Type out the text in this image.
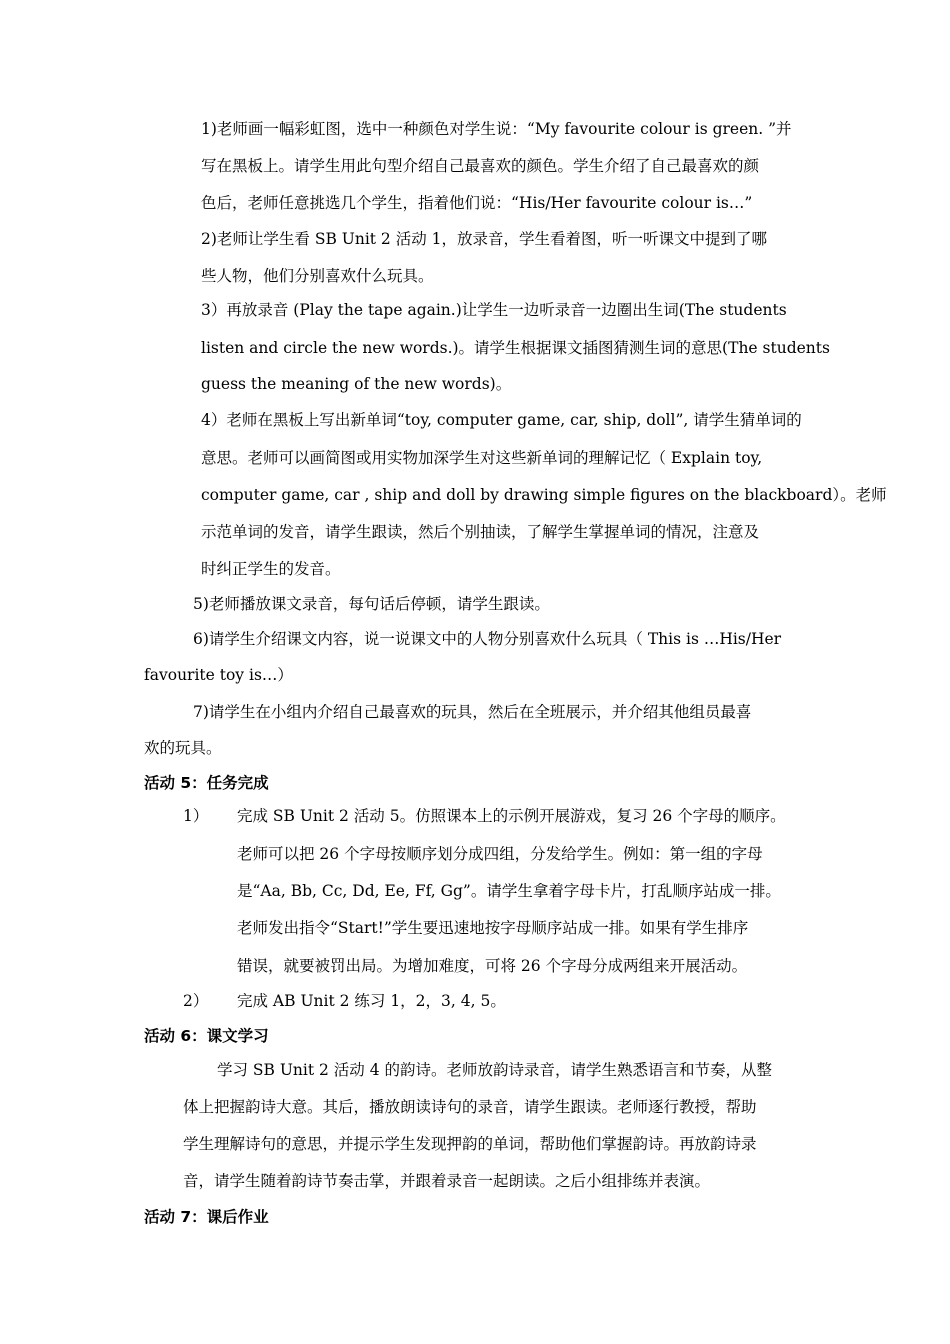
1)老师画一幅彩虹图，选中一种颜色对学生说：“My favourite colour is green. ”并
写在黑板上。请学生用此句型介绍自己最喜欢的颜色。学生介绍了自己最喜欢的颜
色后，老师任意挑选几个学生，指着他们说：“His/Her favourite colour is…”
2)老师让学生看 SB Unit 2 活动 1，放录音，学生看着图，听一听课文中提到了哪
些人物，他们分别喜欢什么玩具。
3）再放录音 (Play the tape again.)让学生一边听录音一边圈出生词(The students
listen and circle the new words.)。请学生根据课文插图猜测生词的意思(The students
guess the meaning of the new words)。
4）老师在黑板上写出新单词“toy, computer game, car, ship, doll”, 请学生猜单词的
意思。老师可以画简图或用实物加深学生对这些新单词的理解记忆（ Explain toy,
computer game, car , ship and doll by drawing simple figures on the blackboard）。老师
示范单词的发音，请学生跟读，然后个别抽读，了解学生掌握单词的情况，注意及
时纠正学生的发音。
5)老师播放课文录音，每句话后停顿，请学生跟读。
6)请学生介绍课文内容，说一说课文中的人物分别喜欢什么玩具（ This is …His/Her
favourite toy is…）
7)请学生在小组内介绍自己最喜欢的玩具，然后在全班展示，并介绍其他组员最喜
欢的玩具。
活动 5：任务完成
1） 完成 SB Unit 2 活动 5。仿照课本上的示例开展游戏，复习 26 个字母的顺序。
老师可以把 26 个字母按顺序划分成四组，分发给学生。例如：第一组的字母
是“Aa, Bb, Cc, Dd, Ee, Ff, Gg”。请学生拿着字母卡片，打乱顺序站成一排。
老师发出指令“Start!”学生要迅速地按字母顺序站成一排。如果有学生排序
错误，就要被罚出局。为增加难度，可将 26 个字母分成两组来开展活动。
2） 完成 AB Unit 2 练习 1，2，3, 4, 5。
活动 6：课文学习
学习 SB Unit 2 活动 4 的韵诗。老师放韵诗录音，请学生熟悉语言和节奏，从整
体上把握韵诗大意。其后，播放朗读诗句的录音，请学生跟读。老师逐行教授，帮助
学生理解诗句的意思，并提示学生发现押韵的单词，帮助他们掌握韵诗。再放韵诗录
音，请学生随着韵诗节奏击掌，并跟着录音一起朗读。之后小组排练并表演。
活动 7：课后作业
